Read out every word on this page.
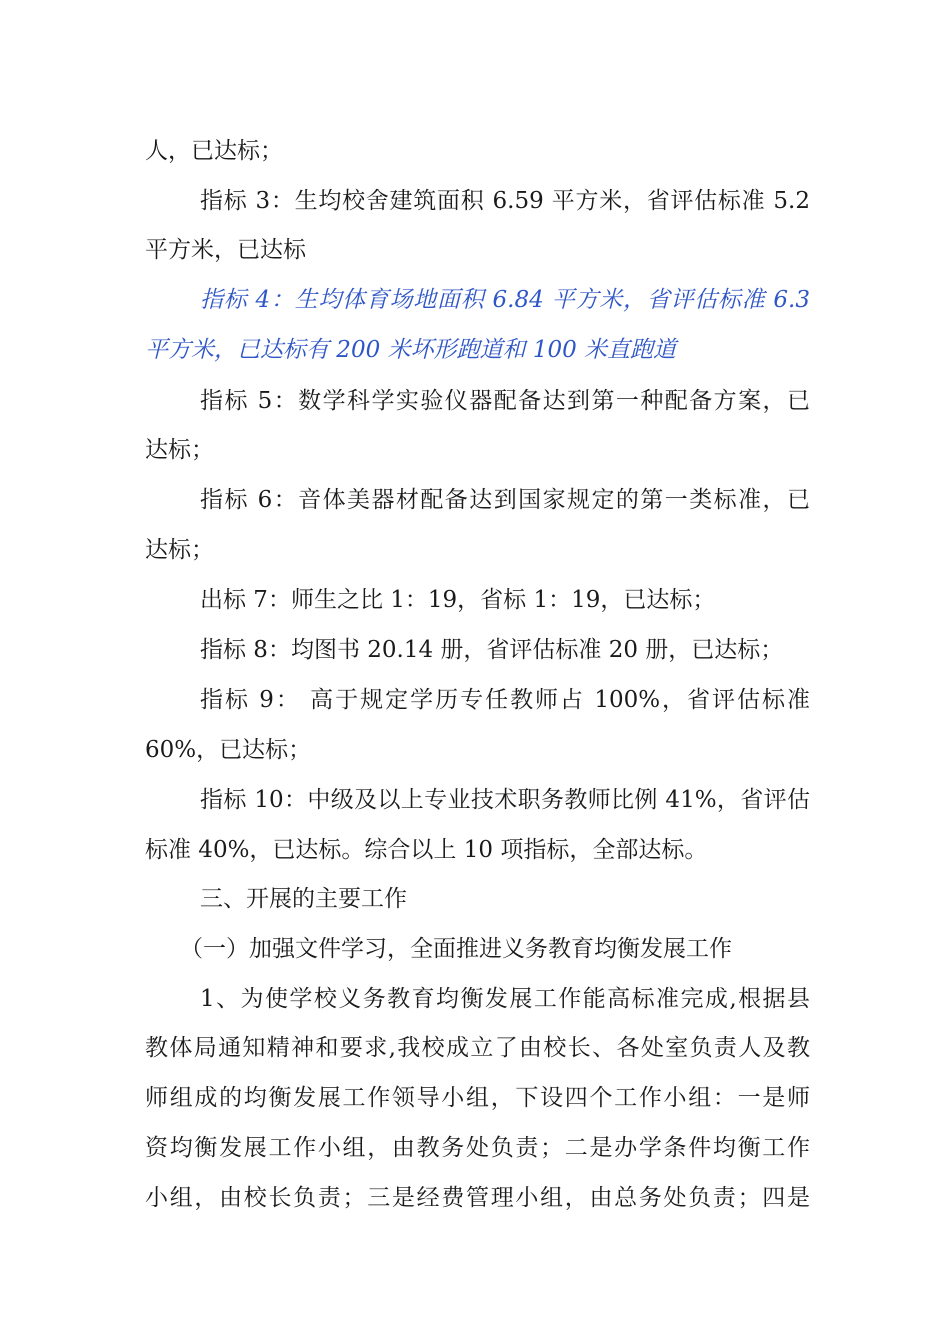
人，已达标；
指标 3：生均校舍建筑面积 6.59 平方米，省评估标准 5.2
平方米，已达标
指标 4：生均体育场地面积 6.84 平方米，省评估标准 6.3
平方米，已达标有 200 米坏形跑道和 100 米直跑道
指标 5：数学科学实验仪器配备达到第一种配备方案，已
达标；
指标 6：音体美器材配备达到国家规定的第一类标准，已
达标；
出标 7：师生之比 1：19，省标 1：19，已达标；
指标 8：均图书 20.14 册，省评估标准 20 册，已达标；
指标 9： 高于规定学历专任教师占 100%，省评估标准
60%，已达标；
指标 10：中级及以上专业技术职务教师比例 41%，省评估
标准 40%，已达标。综合以上 10 项指标，全部达标。
三、开展的主要工作
（一）加强文件学习，全面推进义务教育均衡发展工作
1、为使学校义务教育均衡发展工作能高标准完成,根据县
教体局通知精神和要求,我校成立了由校长、各处室负责人及教
师组成的均衡发展工作领导小组，下设四个工作小组：一是师
资均衡发展工作小组，由教务处负责；二是办学条件均衡工作
小组，由校长负责；三是经费管理小组，由总务处负责；四是
